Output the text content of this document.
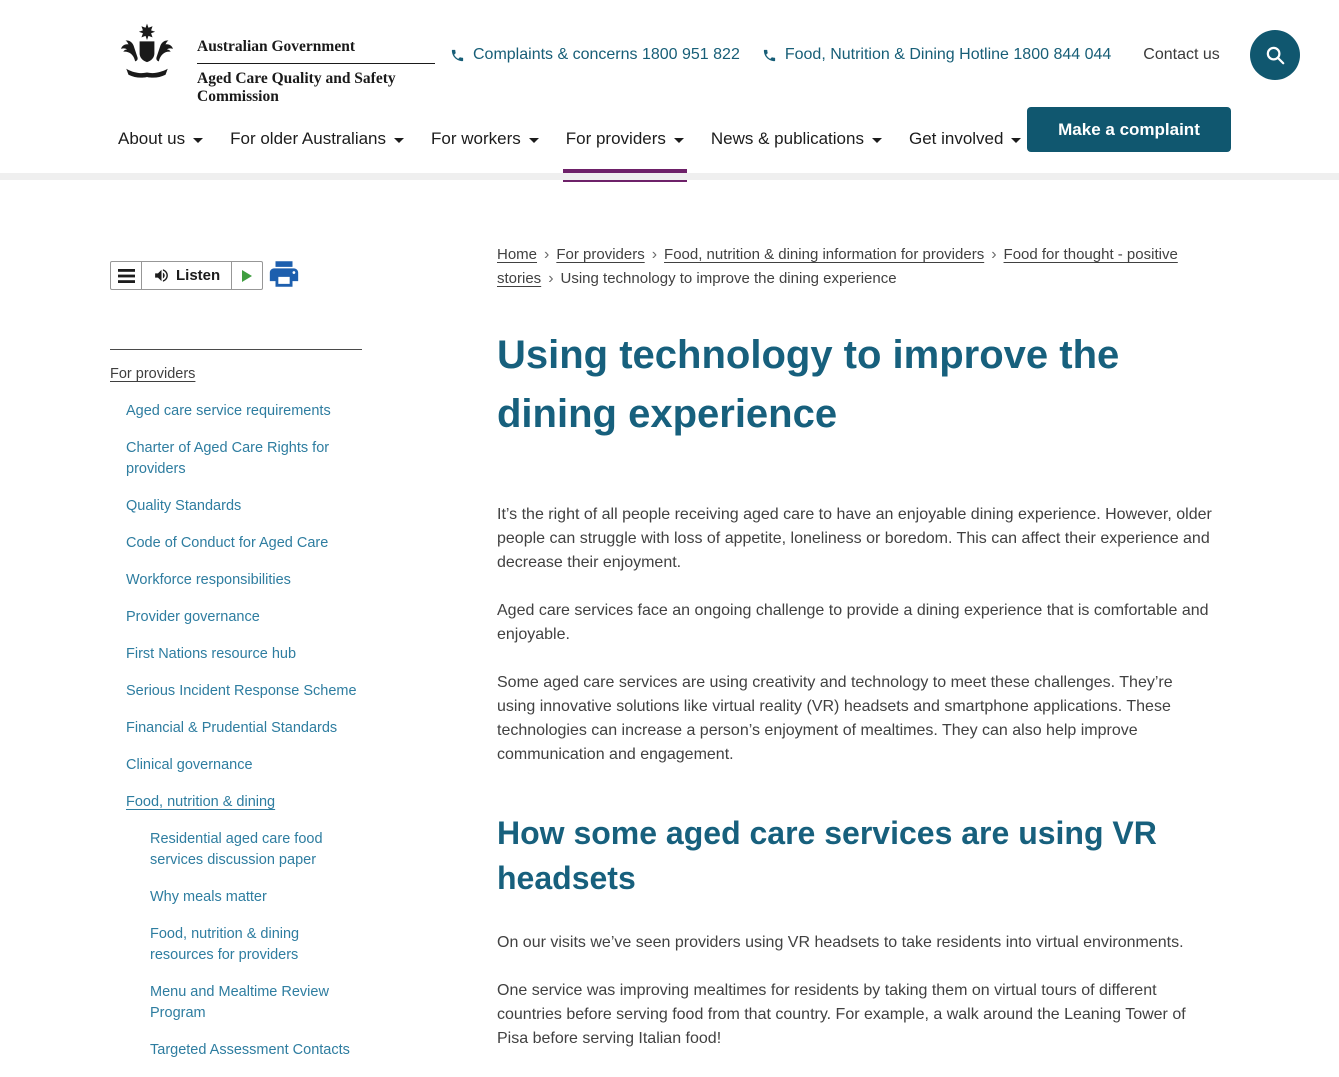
Australian Government
Aged Care Quality and Safety Commission
Complaints & concerns 1800 951 822	Food, Nutrition & Dining Hotline 1800 844 044 Contact us
About us	For older Australians	For workers	For providers	News & publications	Get involved	Make a complaint
Home › For providers › Food, nutrition & dining information for providers › Food for thought - positive stories › Using technology to improve the dining experience
Listen
For providers
Aged care service requirements
Charter of Aged Care Rights for providers
Quality Standards
Code of Conduct for Aged Care
Workforce responsibilities
Provider governance
First Nations resource hub
Serious Incident Response Scheme
Financial & Prudential Standards
Clinical governance
Food, nutrition & dining
Residential aged care food services discussion paper
Why meals matter
Food, nutrition & dining resources for providers
Menu and Mealtime Review Program
Targeted Assessment Contacts
Using technology to improve the dining experience

It’s the right of all people receiving aged care to have an enjoyable dining experience. However, older people can struggle with loss of appetite, loneliness or boredom. This can affect their experience and decrease their enjoyment.

Aged care services face an ongoing challenge to provide a dining experience that is comfortable and enjoyable.

Some aged care services are using creativity and technology to meet these challenges. They’re using innovative solutions like virtual reality (VR) headsets and smartphone applications. These technologies can increase a person’s enjoyment of mealtimes. They can also help improve communication and engagement.

How some aged care services are using VR headsets

On our visits we’ve seen providers using VR headsets to take residents into virtual environments.

One service was improving mealtimes for residents by taking them on virtual tours of different countries before serving food from that country. For example, a walk around the Leaning Tower of Pisa before serving Italian food!
